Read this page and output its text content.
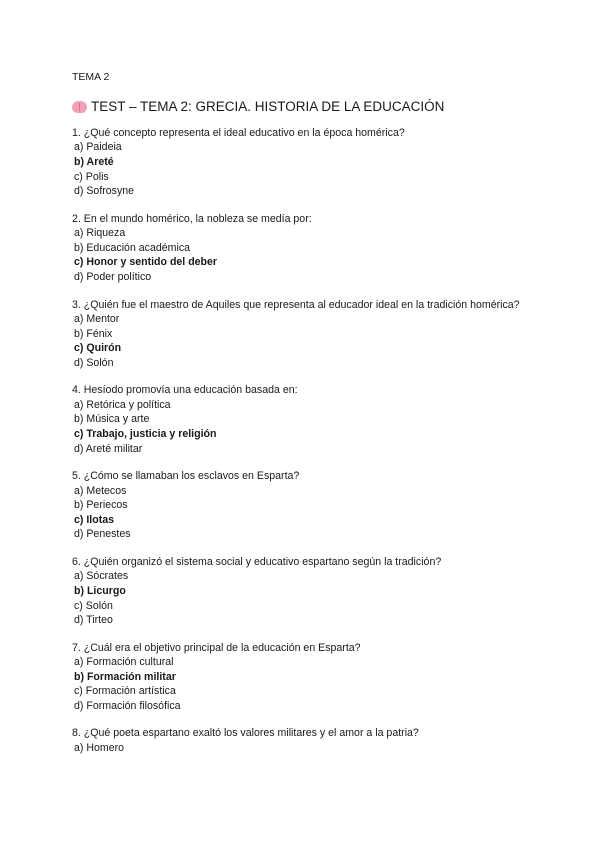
TEMA 2

TEST – TEMA 2: GRECIA. HISTORIA DE LA EDUCACIÓN

1. ¿Qué concepto representa el ideal educativo en la época homérica?

a) Paideia

b) Areté

c) Polis

d) Sofrosyne

2. En el mundo homérico, la nobleza se medía por:

a) Riqueza

b) Educación académica

c) Honor y sentido del deber

d) Poder político

3. ¿Quién fue el maestro de Aquiles que representa al educador ideal en la tradición homérica?

a) Mentor

b) Fénix

c) Quirón

d) Solón

4. Hesíodo promovía una educación basada en:

a) Retórica y política

b) Música y arte

c) Trabajo, justicia y religión

d) Areté militar

5. ¿Cómo se llamaban los esclavos en Esparta?

a) Metecos

b) Periecos

c) Ilotas

d) Penestes

6. ¿Quién organizó el sistema social y educativo espartano según la tradición?

a) Sócrates

b) Licurgo

c) Solón

d) Tirteo

7. ¿Cuál era el objetivo principal de la educación en Esparta?

a) Formación cultural

b) Formación militar

c) Formación artística

d) Formación filosófica

8. ¿Qué poeta espartano exaltó los valores militares y el amor a la patria?

a) Homero
